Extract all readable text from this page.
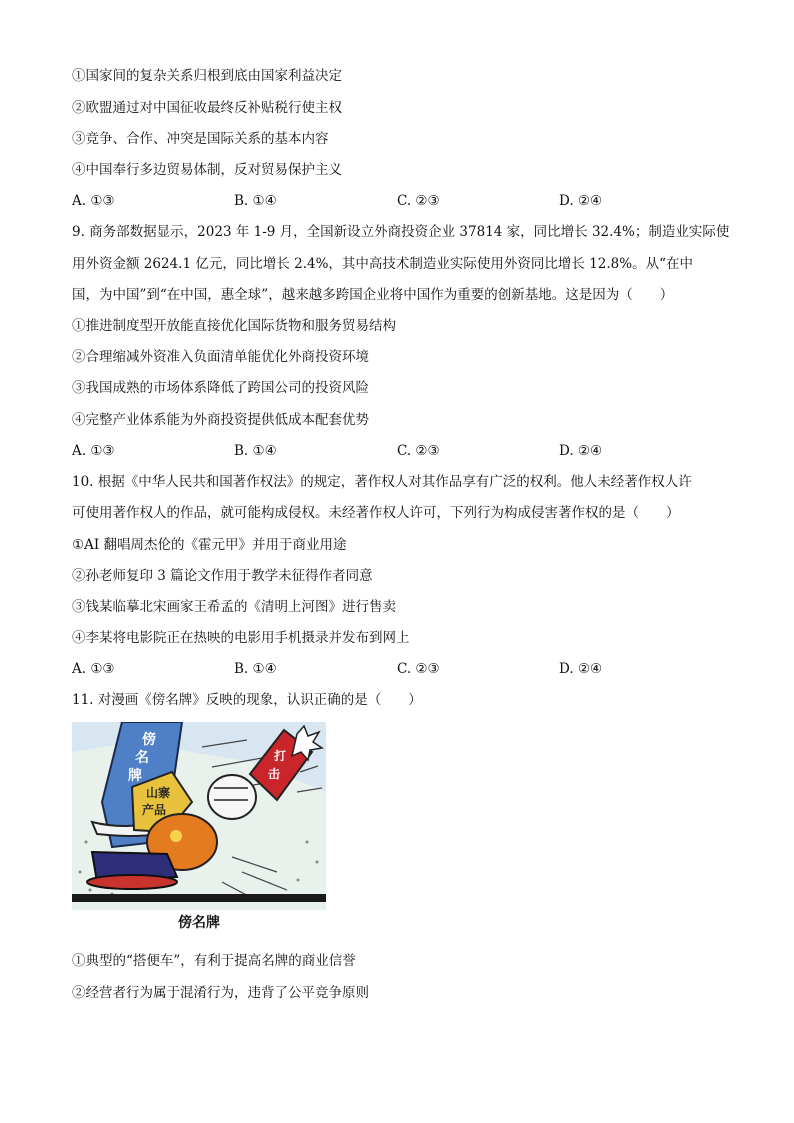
①国家间的复杂关系归根到底由国家利益决定
②欧盟通过对中国征收最终反补贴税行使主权
③竞争、合作、冲突是国际关系的基本内容
④中国奉行多边贸易体制，反对贸易保护主义
A. ①③	B. ①④	C. ②③	D. ②④
9. 商务部数据显示，2023 年 1-9 月，全国新设立外商投资企业 37814 家，同比增长 32.4%；制造业实际使
用外资金额 2624.1 亿元，同比增长 2.4%，其中高技术制造业实际使用外资同比增长 12.8%。从“在中
国，为中国”到“在中国，惠全球”，越来越多跨国企业将中国作为重要的创新基地。这是因为（　　）
①推进制度型开放能直接优化国际货物和服务贸易结构
②合理缩减外资准入负面清单能优化外商投资环境
③我国成熟的市场体系降低了跨国公司的投资风险
④完整产业体系能为外商投资提供低成本配套优势
A. ①③	B. ①④	C. ②③	D. ②④
10. 根据《中华人民共和国著作权法》的规定，著作权人对其作品享有广泛的权利。他人未经著作权人许
可使用著作权人的作品，就可能构成侵权。未经著作权人许可，下列行为构成侵害著作权的是（　　）
①AI 翻唱周杰伦的《霍元甲》并用于商业用途
②孙老师复印 3 篇论文作用于教学未征得作者同意
③钱某临摹北宋画家王希孟的《清明上河图》进行售卖
④李某将电影院正在热映的电影用手机摄录并发布到网上
A. ①③	B. ①④	C. ②③	D. ②④
11. 对漫画《傍名牌》反映的现象，认识正确的是（　　）
傍
名
牌
山寨
产品
打
击
傍名牌
①典型的“搭便车”，有利于提高名牌的商业信誉
②经营者行为属于混淆行为，违背了公平竞争原则
